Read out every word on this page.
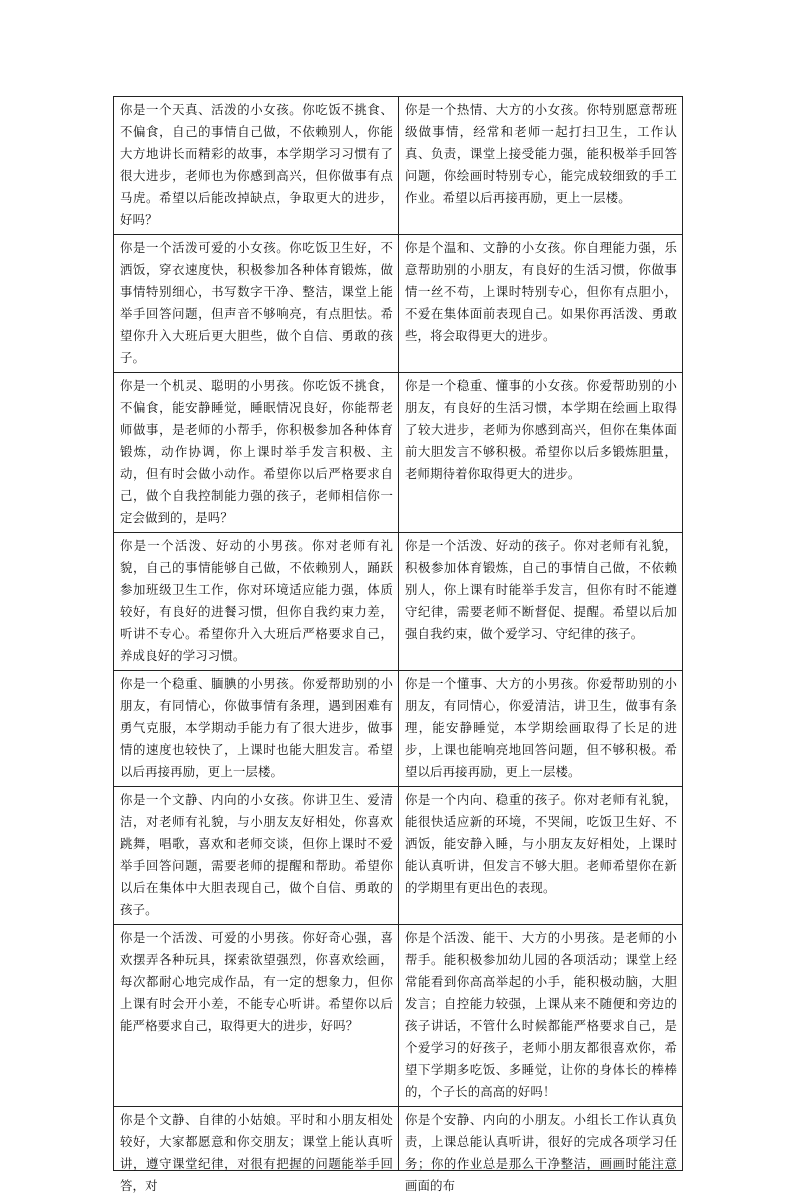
你是一个天真、活泼的小女孩。你吃饭不挑食、不偏食，自己的事情自己做，不依赖别人，你能大方地讲长而精彩的故事，本学期学习习惯有了很大进步，老师也为你感到高兴，但你做事有点马虎。希望以后能改掉缺点，争取更大的进步，好吗？	你是一个热情、大方的小女孩。你特别愿意帮班级做事情，经常和老师一起打扫卫生，工作认真、负责，课堂上接受能力强，能积极举手回答问题，你绘画时特别专心，能完成较细致的手工作业。希望以后再接再励，更上一层楼。
你是一个活泼可爱的小女孩。你吃饭卫生好，不洒饭，穿衣速度快，积极参加各种体育锻炼，做事情特别细心，书写数字干净、整洁，课堂上能举手回答问题，但声音不够响亮，有点胆怯。希望你升入大班后更大胆些，做个自信、勇敢的孩子。	你是个温和、文静的小女孩。你自理能力强，乐意帮助别的小朋友，有良好的生活习惯，你做事情一丝不苟，上课时特别专心，但你有点胆小，不爱在集体面前表现自己。如果你再活泼、勇敢些，将会取得更大的进步。
你是一个机灵、聪明的小男孩。你吃饭不挑食，不偏食，能安静睡觉，睡眠情况良好，你能帮老师做事，是老师的小帮手，你积极参加各种体育锻炼，动作协调，你上课时举手发言积极、主动，但有时会做小动作。希望你以后严格要求自己，做个自我控制能力强的孩子，老师相信你一定会做到的，是吗？	你是一个稳重、懂事的小女孩。你爱帮助别的小朋友，有良好的生活习惯，本学期在绘画上取得了较大进步，老师为你感到高兴，但你在集体面前大胆发言不够积极。希望你以后多锻炼胆量，老师期待着你取得更大的进步。
你是一个活泼、好动的小男孩。你对老师有礼貌，自己的事情能够自己做，不依赖别人，踊跃参加班级卫生工作，你对环境适应能力强，体质较好，有良好的进餐习惯，但你自我约束力差，听讲不专心。希望你升入大班后严格要求自己，养成良好的学习习惯。	你是一个活泼、好动的孩子。你对老师有礼貌，积极参加体育锻炼，自己的事情自己做，不依赖别人，你上课有时能举手发言，但你有时不能遵守纪律，需要老师不断督促、提醒。希望以后加强自我约束，做个爱学习、守纪律的孩子。
你是一个稳重、腼腆的小男孩。你爱帮助别的小朋友，有同情心，你做事情有条理，遇到困难有勇气克服，本学期动手能力有了很大进步，做事情的速度也较快了，上课时也能大胆发言。希望以后再接再励，更上一层楼。	你是一个懂事、大方的小男孩。你爱帮助别的小朋友，有同情心，你爱清洁，讲卫生，做事有条理，能安静睡觉，本学期绘画取得了长足的进步，上课也能响亮地回答问题，但不够积极。希望以后再接再励，更上一层楼。
你是一个文静、内向的小女孩。你讲卫生、爱清洁，对老师有礼貌，与小朋友友好相处，你喜欢跳舞，唱歌，喜欢和老师交谈，但你上课时不爱举手回答问题，需要老师的提醒和帮助。希望你以后在集体中大胆表现自己，做个自信、勇敢的孩子。	你是一个内向、稳重的孩子。你对老师有礼貌，能很快适应新的环境，不哭闹，吃饭卫生好、不洒饭，能安静入睡，与小朋友友好相处，上课时能认真听讲，但发言不够大胆。老师希望你在新的学期里有更出色的表现。
你是一个活泼、可爱的小男孩。你好奇心强，喜欢摆弄各种玩具，探索欲望强烈，你喜欢绘画，每次都耐心地完成作品，有一定的想象力，但你上课有时会开小差，不能专心听讲。希望你以后能严格要求自己，取得更大的进步，好吗？	你是个活泼、能干、大方的小男孩。是老师的小帮手。能积极参加幼儿园的各项活动；课堂上经常能看到你高高举起的小手，能积极动脑，大胆发言；自控能力较强，上课从来不随便和旁边的孩子讲话，不管什么时候都能严格要求自己，是个爱学习的好孩子，老师小朋友都很喜欢你，希望下学期多吃饭、多睡觉，让你的身体长的棒棒的，个子长的高高的好吗！

你是个文静、自律的小姑娘。平时和小朋友相处较好，大家都愿意和你交朋友；课堂上能认真听讲，遵守课堂纪律，对很有把握的问题能举手回答，对	你是个安静、内向的小朋友。小组长工作认真负责，上课总能认真听讲，很好的完成各项学习任务；你的作业总是那么干净整洁，画画时能注意画面的布
